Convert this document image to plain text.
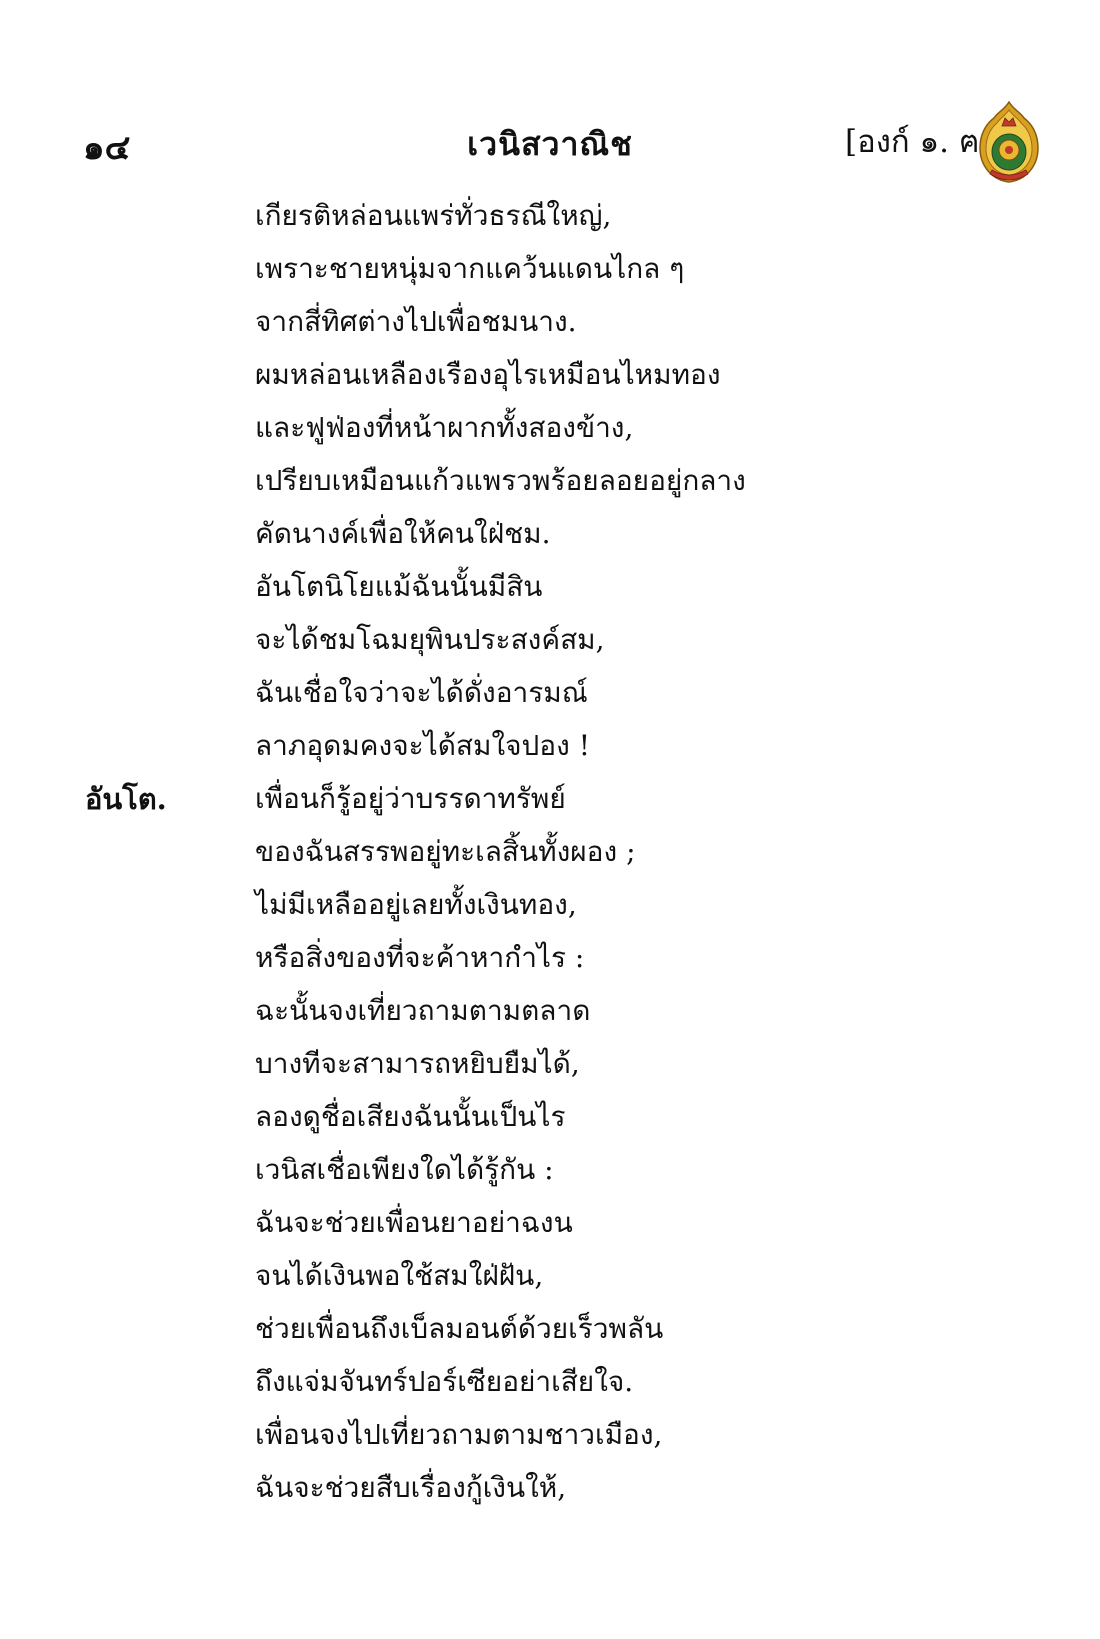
๑๔	เวนิสวาณิช	[องก์ ๑. ฅ
เกียรติหล่อนแพร่ทั่วธรณีใหญ่,
เพราะชายหนุ่มจากแคว้นแดนไกล ๆ
จากสี่ทิศต่างไปเพื่อชมนาง.
ผมหล่อนเหลืองเรืองอุไรเหมือนไหมทอง
และฟูฟ่องที่หน้าผากทั้งสองข้าง,
เปรียบเหมือนแก้วแพรวพร้อยลอยอยู่กลาง
คัดนางค์เพื่อให้คนใฝ่ชม.
อันโตนิโยแม้ฉันนั้นมีสิน
จะได้ชมโฉมยุพินประสงค์สม,
ฉันเชื่อใจว่าจะได้ดั่งอารมณ์
ลาภอุดมคงจะได้สมใจปอง !
อันโต.	เพื่อนก็รู้อยู่ว่าบรรดาทรัพย์
ของฉันสรรพอยู่ทะเลสิ้นทั้งผอง ;
ไม่มีเหลืออยู่เลยทั้งเงินทอง,
หรือสิ่งของที่จะค้าหากำไร :
ฉะนั้นจงเที่ยวถามตามตลาด
บางทีจะสามารถหยิบยืมได้,
ลองดูชื่อเสียงฉันนั้นเป็นไร
เวนิสเชื่อเพียงใดได้รู้กัน :
ฉันจะช่วยเพื่อนยาอย่าฉงน
จนได้เงินพอใช้สมใฝ่ฝัน,
ช่วยเพื่อนถึงเบ็ลมอนต์ด้วยเร็วพลัน
ถึงแจ่มจันทร์ปอร์เซียอย่าเสียใจ.
เพื่อนจงไปเที่ยวถามตามชาวเมือง,
ฉันจะช่วยสืบเรื่องกู้เงินให้,
